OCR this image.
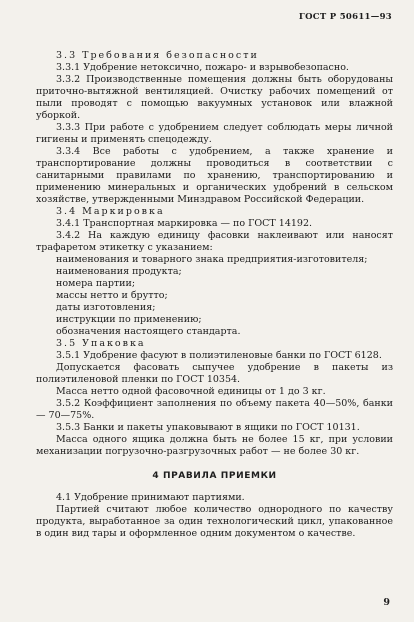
ГОСТ Р 50611—93

3.3 Требования безопасности

3.3.1 Удобрение нетоксично, пожаро- и взрывобезопасно.

3.3.2 Производственные помещения должны быть оборудованы приточно-вытяжной вентиляцией. Очистку рабочих помещений от пыли проводят с помощью вакуумных установок или влажной уборкой.

3.3.3 При работе с удобрением следует соблюдать меры личной гигиены и применять спецодежду.

3.3.4 Все работы с удобрением, а также хранение и транспортирование должны проводиться в соответствии с санитарными правилами по хранению, транспортированию и применению минеральных и органических удобрений в сельском хозяйстве, утвержденными Минздравом Российской Федерации.

3.4 Маркировка

3.4.1 Транспортная маркировка — по ГОСТ 14192.

3.4.2 На каждую единицу фасовки наклеивают или наносят трафаретом этикетку с указанием:

наименования и товарного знака предприятия-изготовителя;

наименования продукта;

номера партии;

массы нетто и брутто;

даты изготовления;

инструкции по применению;

обозначения настоящего стандарта.

3.5 Упаковка

3.5.1 Удобрение фасуют в полиэтиленовые банки по ГОСТ 6128.

Допускается фасовать сыпучее удобрение в пакеты из полиэтиленовой пленки по ГОСТ 10354.

Масса нетто одной фасовочной единицы от 1 до 3 кг.

3.5.2 Коэффициент заполнения по объему пакета 40—50%, банки — 70—75%.

3.5.3 Банки и пакеты упаковывают в ящики по ГОСТ 10131.

Масса одного ящика должна быть не более 15 кг, при условии механизации погрузочно-разгрузочных работ — не более 30 кг.

4 ПРАВИЛА ПРИЕМКИ

4.1 Удобрение принимают партиями.

Партией считают любое количество однородного по качеству продукта, выработанное за один технологический цикл, упакованное в один вид тары и оформленное одним документом о качестве.

9
